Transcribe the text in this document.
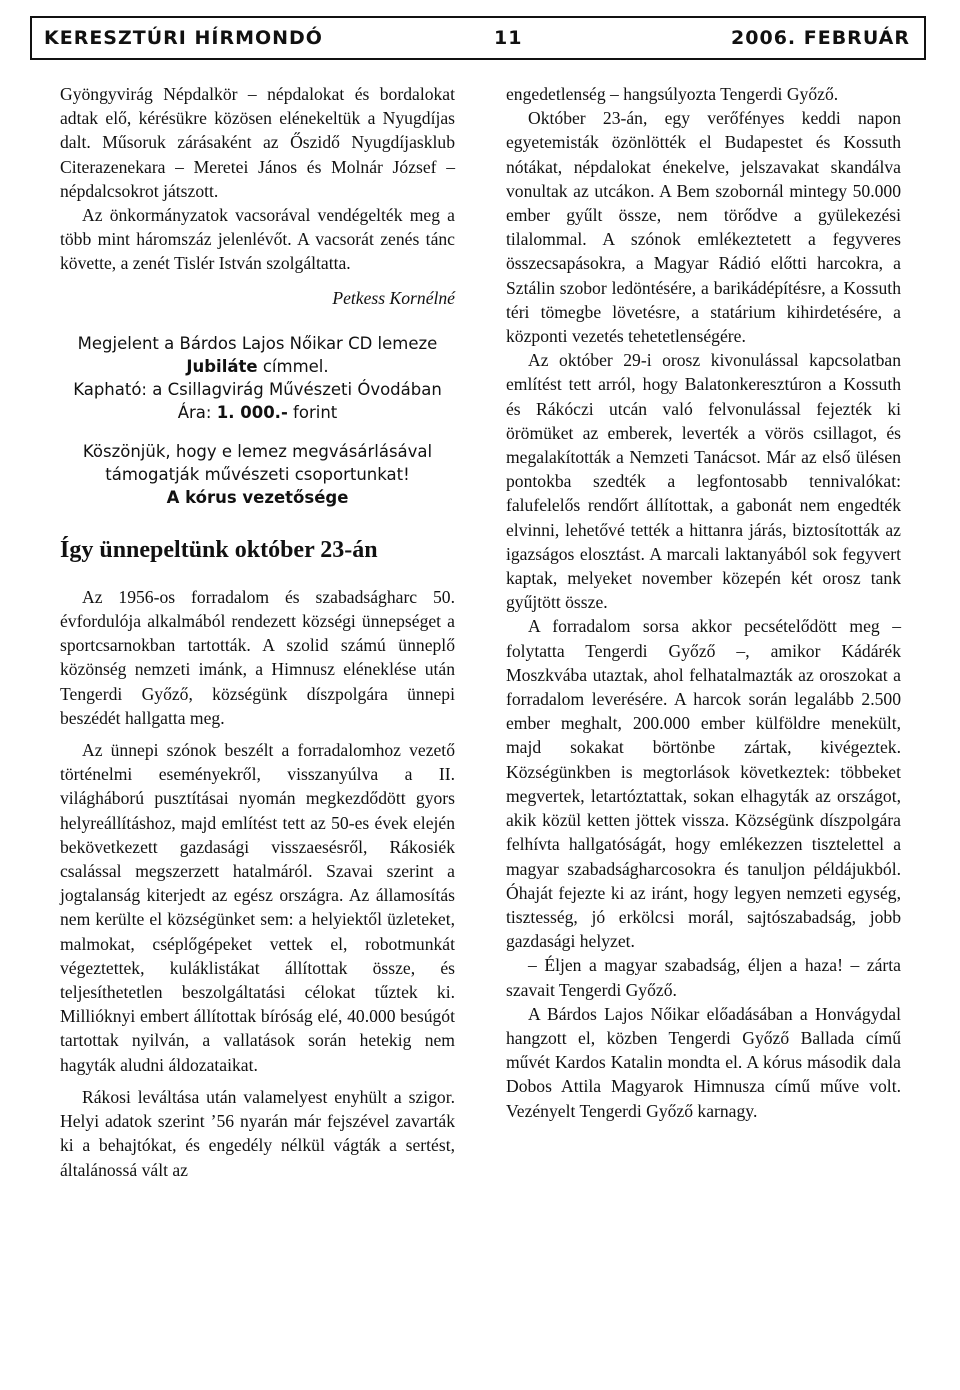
KERESZTÚRI HÍRMONDÓ	11	2006. FEBRUÁR

Gyöngyvirág Népdalkör – népdalokat és bordalokat adtak elő, kérésükre közösen elénekeltük a Nyugdíjas dalt. Műsoruk zárásaként az Őszidő Nyugdíjasklub Citerazenekara – Meretei János és Molnár József – népdalcsokrot játszott.

Az önkormányzatok vacsorával vendégelték meg a több mint háromszáz jelenlévőt. A vacsorát zenés tánc követte, a zenét Tislér István szolgáltatta.

Petkess Kornélné

Megjelent a Bárdos Lajos Nőikar CD lemeze
Jubiláte címmel.
Kapható: a Csillagvirág Művészeti Óvodában
Ára: 1. 000.- forint
Köszönjük, hogy e lemez megvásárlásával támogatják művészeti csoportunkat!
A kórus vezetősége
Így ünnepeltünk október 23-án

Az 1956-os forradalom és szabadságharc 50. évfordulója alkalmából rendezett községi ünnepséget a sportcsarnokban tartották. A szolid számú ünneplő közönség nemzeti imánk, a Himnusz eléneklése után Tengerdi Győző, községünk díszpolgára ünnepi beszédét hallgatta meg.

Az ünnepi szónok beszélt a forradalomhoz vezető történelmi eseményekről, visszanyúlva a II. világháború pusztításai nyomán megkezdődött gyors helyreállításhoz, majd említést tett az 50-es évek elején bekövetkezett gazdasági visszaesésről, Rákosiék csalással megszerzett hatalmáról. Szavai szerint a jogtalanság kiterjedt az egész országra. Az államosítás nem kerülte el községünket sem: a helyiektől üzleteket, malmokat, cséplőgépeket vettek el, robotmunkát végeztettek, kuláklistákat állítottak össze, és teljesíthetetlen beszolgáltatási célokat tűztek ki. Millióknyi embert állítottak bíróság elé, 40.000 besúgót tartottak nyilván, a vallatások során hetekig nem hagyták aludni áldozataikat.

Rákosi leváltása után valamelyest enyhült a szigor. Helyi adatok szerint ’56 nyarán már fejszével zavarták ki a behajtókat, és engedély nélkül vágták a sertést, általánossá vált az

engedetlenség – hangsúlyozta Tengerdi Győző.

Október 23-án, egy verőfényes keddi napon egyetemisták özönlötték el Budapestet és Kossuth nótákat, népdalokat énekelve, jelszavakat skandálva vonultak az utcákon. A Bem szobornál mintegy 50.000 ember gyűlt össze, nem törődve a gyülekezési tilalommal. A szónok emlékeztetett a fegyveres összecsapásokra, a Magyar Rádió előtti harcokra, a Sztálin szobor ledöntésére, a barikádépítésre, a Kossuth téri tömegbe lövetésre, a statárium kihirdetésére, a központi vezetés tehetetlenségére.

Az október 29-i orosz kivonulással kapcsolatban említést tett arról, hogy Balatonkeresztúron a Kossuth és Rákóczi utcán való felvonulással fejezték ki örömüket az emberek, leverték a vörös csillagot, és megalakították a Nemzeti Tanácsot. Már az első ülésen pontokba szedték a legfontosabb tennivalókat: falufelelős rendőrt állítottak, a gabonát nem engedték elvinni, lehetővé tették a hittanra járás, biztosították az igazságos elosztást. A marcali laktanyából sok fegyvert kaptak, melyeket november közepén két orosz tank gyűjtött össze.

A forradalom sorsa akkor pecsételődött meg – folytatta Tengerdi Győző –, amikor Kádárék Moszkvába utaztak, ahol felhatalmazták az oroszokat a forradalom leverésére. A harcok során legalább 2.500 ember meghalt, 200.000 ember külföldre menekült, majd sokakat börtönbe zártak, kivégeztek. Községünkben is megtorlások következtek: többeket megvertek, letartóztattak, sokan elhagyták az országot, akik közül ketten jöttek vissza. Községünk díszpolgára felhívta hallgatóságát, hogy emlékezzen tisztelettel a magyar szabadságharcosokra és tanuljon példájukból. Óhaját fejezte ki az iránt, hogy legyen nemzeti egység, tisztesség, jó erkölcsi morál, sajtószabadság, jobb gazdasági helyzet.

– Éljen a magyar szabadság, éljen a haza! – zárta szavait Tengerdi Győző.

A Bárdos Lajos Nőikar előadásában a Honvágydal hangzott el, közben Tengerdi Győző Ballada című művét Kardos Katalin mondta el. A kórus második dala Dobos Attila Magyarok Himnusza című műve volt. Vezényelt Tengerdi Győző karnagy.
